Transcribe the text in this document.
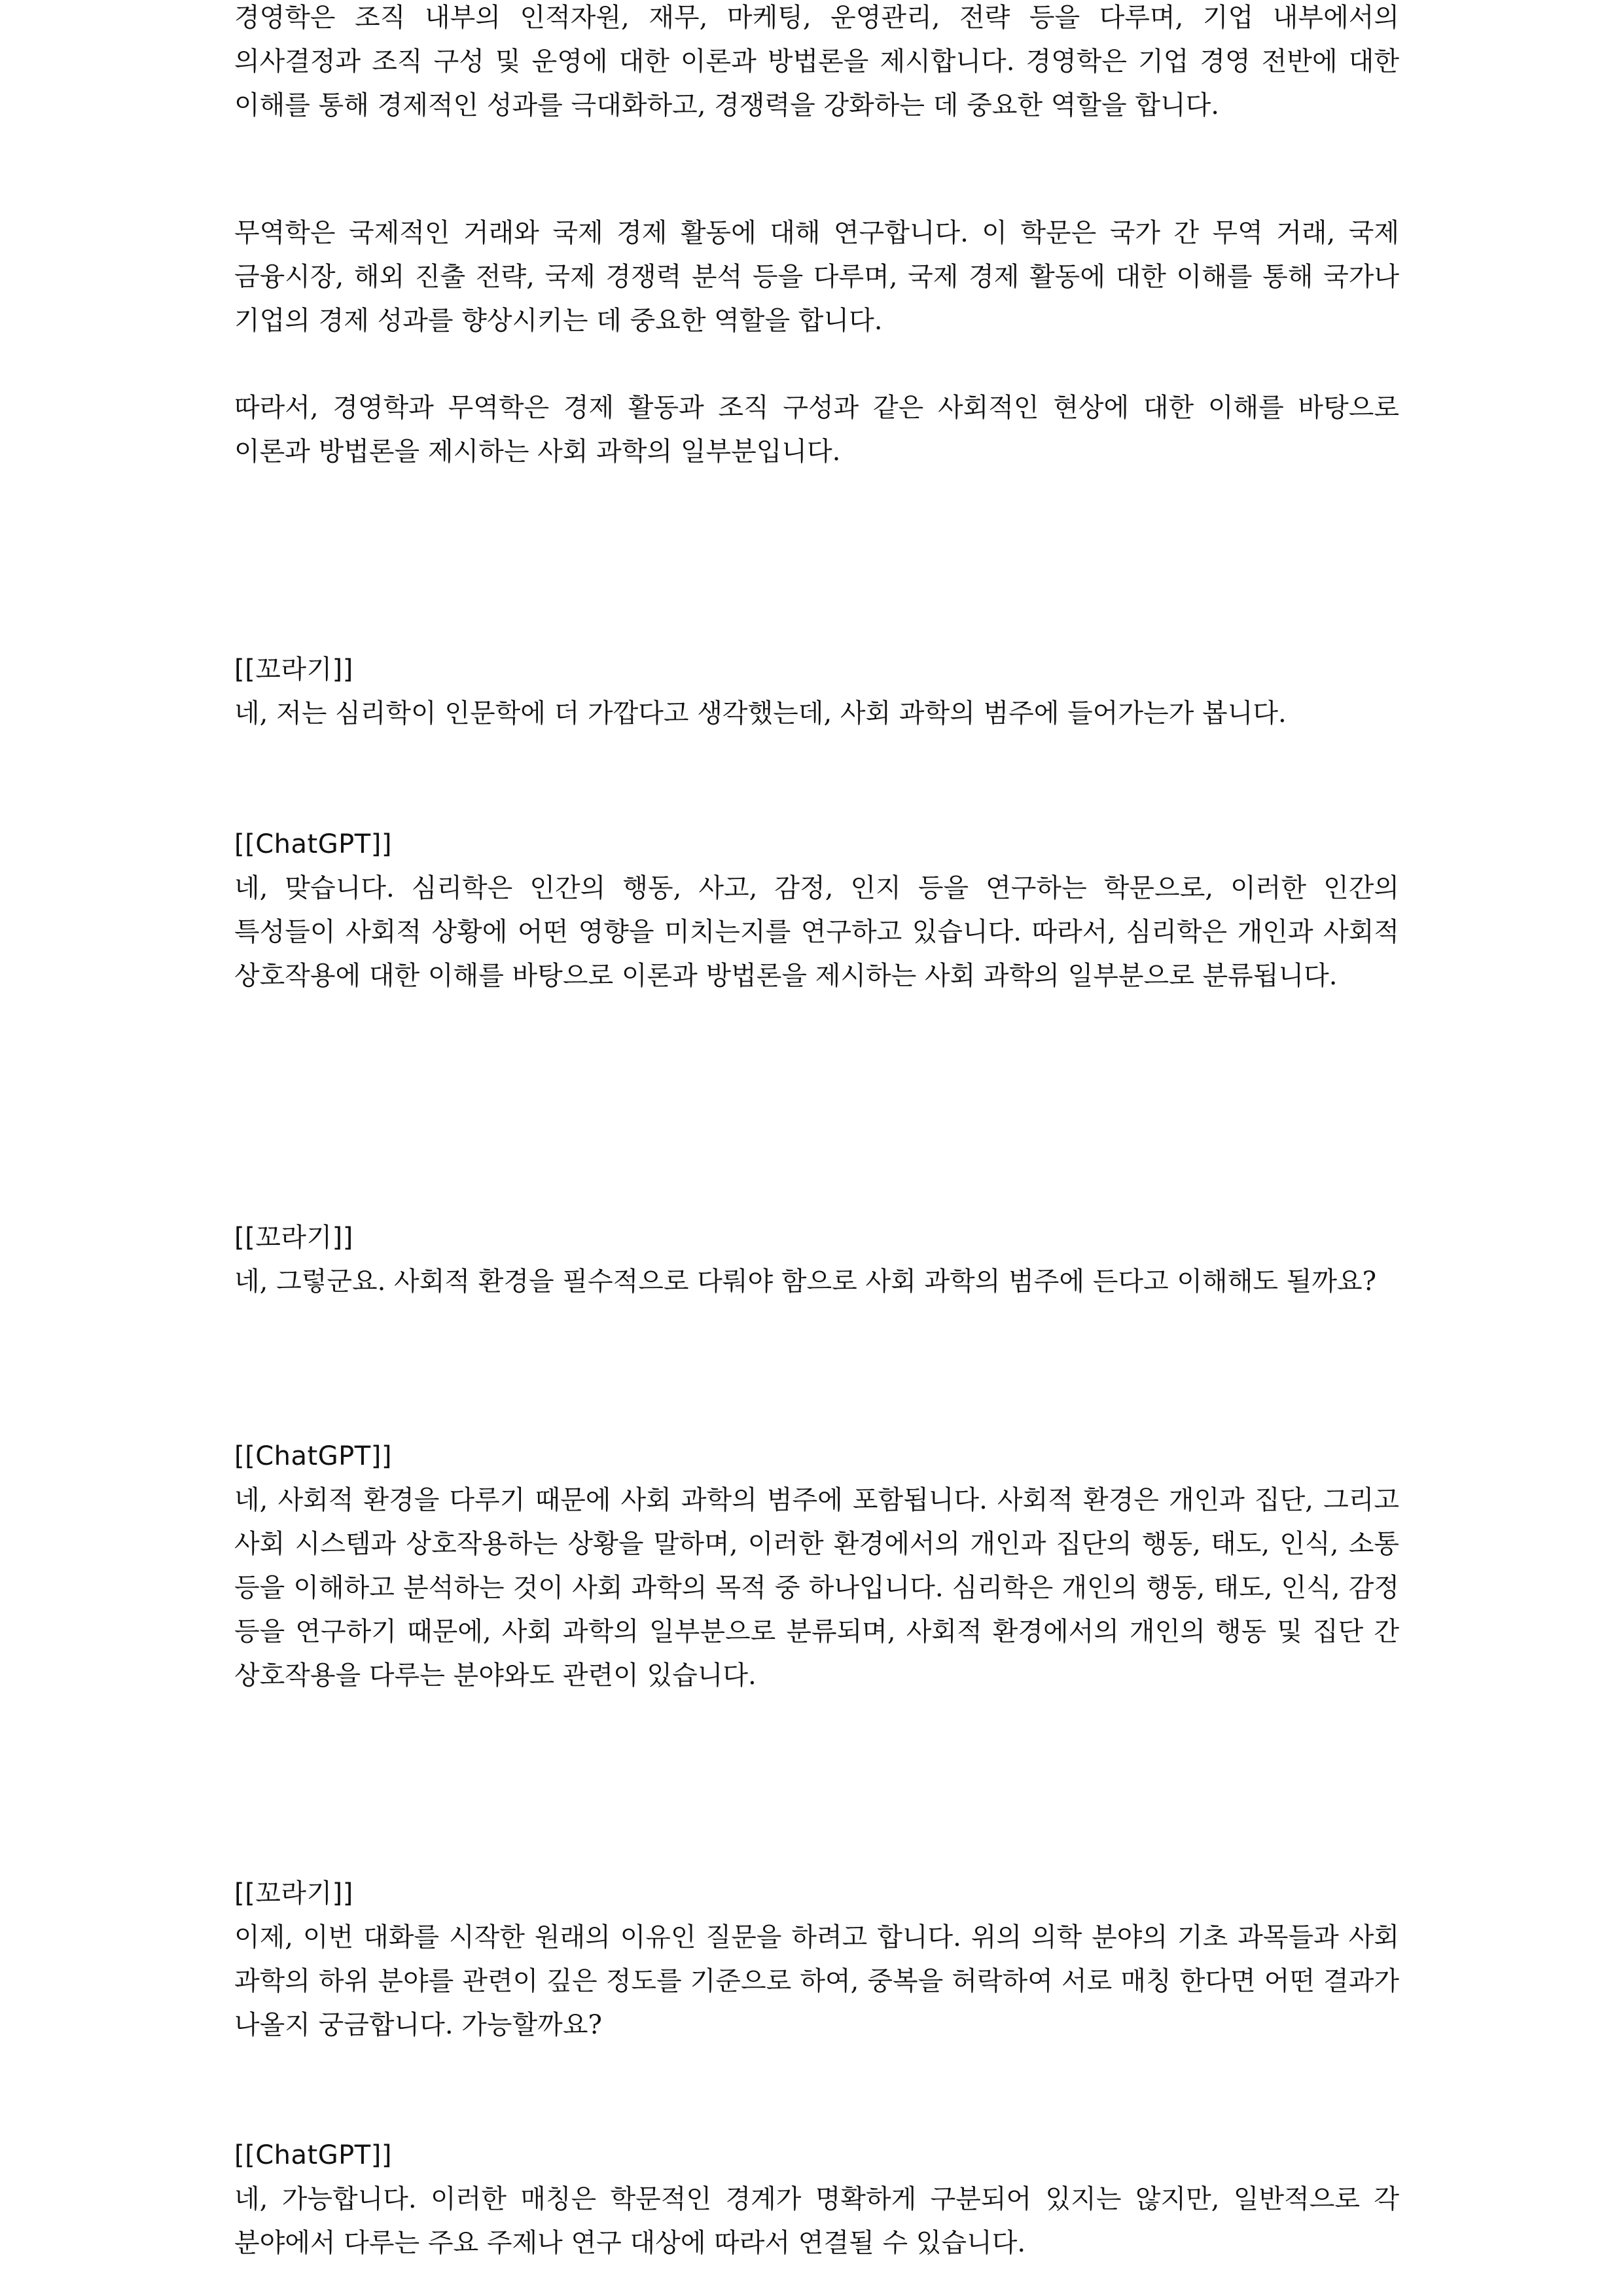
경영학은 조직 내부의 인적자원, 재무, 마케팅, 운영관리, 전략 등을 다루며, 기업 내부에서의 의사결정과 조직 구성 및 운영에 대한 이론과 방법론을 제시합니다. 경영학은 기업 경영 전반에 대한 이해를 통해 경제적인 성과를 극대화하고, 경쟁력을 강화하는 데 중요한 역할을 합니다.

무역학은 국제적인 거래와 국제 경제 활동에 대해 연구합니다. 이 학문은 국가 간 무역 거래, 국제 금융시장, 해외 진출 전략, 국제 경쟁력 분석 등을 다루며, 국제 경제 활동에 대한 이해를 통해 국가나 기업의 경제 성과를 향상시키는 데 중요한 역할을 합니다.

따라서, 경영학과 무역학은 경제 활동과 조직 구성과 같은 사회적인 현상에 대한 이해를 바탕으로 이론과 방법론을 제시하는 사회 과학의 일부분입니다.

[[꼬라기]]

네, 저는 심리학이 인문학에 더 가깝다고 생각했는데, 사회 과학의 범주에 들어가는가 봅니다.

[[ChatGPT]]

네, 맞습니다. 심리학은 인간의 행동, 사고, 감정, 인지 등을 연구하는 학문으로, 이러한 인간의 특성들이 사회적 상황에 어떤 영향을 미치는지를 연구하고 있습니다. 따라서, 심리학은 개인과 사회적 상호작용에 대한 이해를 바탕으로 이론과 방법론을 제시하는 사회 과학의 일부분으로 분류됩니다.

[[꼬라기]]

네, 그렇군요. 사회적 환경을 필수적으로 다뤄야 함으로 사회 과학의 범주에 든다고 이해해도 될까요?

[[ChatGPT]]

네, 사회적 환경을 다루기 때문에 사회 과학의 범주에 포함됩니다. 사회적 환경은 개인과 집단, 그리고 사회 시스템과 상호작용하는 상황을 말하며, 이러한 환경에서의 개인과 집단의 행동, 태도, 인식, 소통 등을 이해하고 분석하는 것이 사회 과학의 목적 중 하나입니다. 심리학은 개인의 행동, 태도, 인식, 감정 등을 연구하기 때문에, 사회 과학의 일부분으로 분류되며, 사회적 환경에서의 개인의 행동 및 집단 간 상호작용을 다루는 분야와도 관련이 있습니다.

[[꼬라기]]

이제, 이번 대화를 시작한 원래의 이유인 질문을 하려고 합니다. 위의 의학 분야의 기초 과목들과 사회 과학의 하위 분야를 관련이 깊은 정도를 기준으로 하여, 중복을 허락하여 서로 매칭 한다면 어떤 결과가 나올지 궁금합니다. 가능할까요?

[[ChatGPT]]

네, 가능합니다. 이러한 매칭은 학문적인 경계가 명확하게 구분되어 있지는 않지만, 일반적으로 각 분야에서 다루는 주요 주제나 연구 대상에 따라서 연결될 수 있습니다.
